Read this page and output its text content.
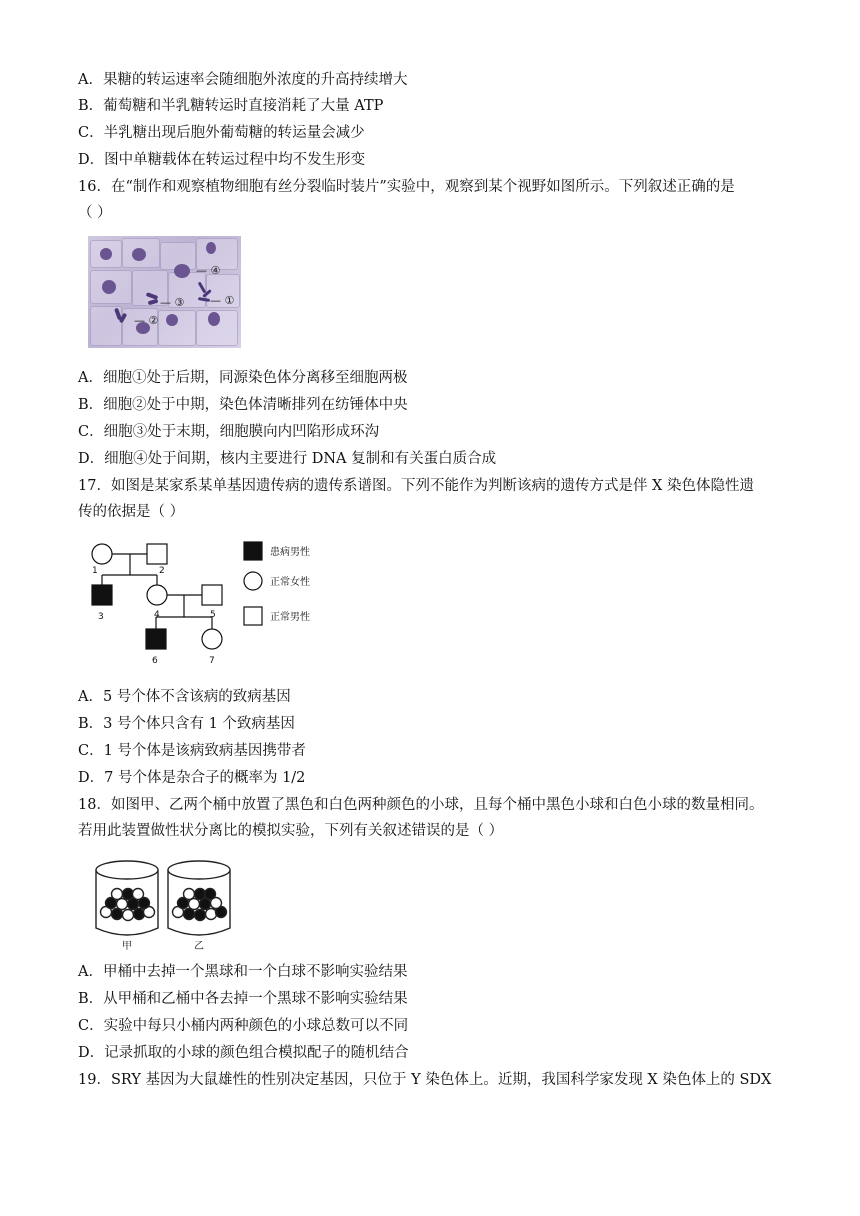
A．果糖的转运速率会随细胞外浓度的升高持续增大
B．葡萄糖和半乳糖转运时直接消耗了大量 ATP
C．半乳糖出现后胞外葡萄糖的转运量会减少
D．图中单糖载体在转运过程中均不发生形变
16．在“制作和观察植物细胞有丝分裂临时装片”实验中，观察到某个视野如图所示。下列叙述正确的是
（ ）
— ④
— ③ — ①
— ②
A．细胞①处于后期，同源染色体分离移至细胞两极
B．细胞②处于中期，染色体清晰排列在纺锤体中央
C．细胞③处于末期，细胞膜向内凹陷形成环沟
D．细胞④处于间期，核内主要进行 DNA 复制和有关蛋白质合成
17．如图是某家系某单基因遗传病的遗传系谱图。下列不能作为判断该病的遗传方式是伴 X 染色体隐性遗
传的依据是（ ）
1	2
3	4	5
6	7
患病男性
正常女性
正常男性
A．5 号个体不含该病的致病基因
B．3 号个体只含有 1 个致病基因
C．1 号个体是该病致病基因携带者
D．7 号个体是杂合子的概率为 1/2
18．如图甲、乙两个桶中放置了黑色和白色两种颜色的小球，且每个桶中黑色小球和白色小球的数量相同。
若用此装置做性状分离比的模拟实验，下列有关叙述错误的是（ ）
甲	乙
A．甲桶中去掉一个黑球和一个白球不影响实验结果
B．从甲桶和乙桶中各去掉一个黑球不影响实验结果
C．实验中每只小桶内两种颜色的小球总数可以不同
D．记录抓取的小球的颜色组合模拟配子的随机结合
19．SRY 基因为大鼠雄性的性别决定基因，只位于 Y 染色体上。近期，我国科学家发现 X 染色体上的 SDX
